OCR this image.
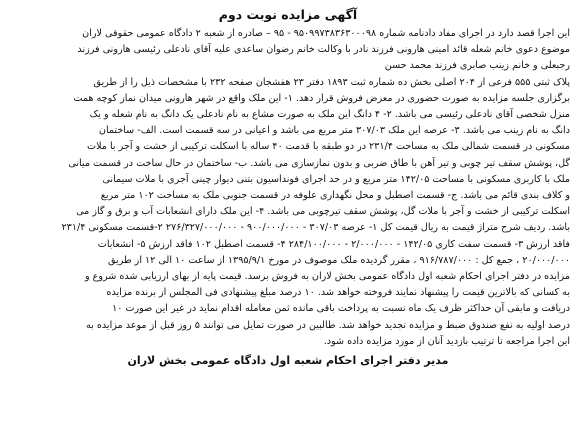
آگهی مزایده نوبت دوم
این اجرا قصد دارد در اجرای مفاد دادنامه شماره ۹۵۰۹۹۷۳۸۳۶۳۰۰۰۹۸ - ۹۵ – صادره از شعبه ۲ دادگاه عمومی حقوقی لاران
موضوع دعوی خانم شعله قائد امینی هارونی فرزند نادر با وکالت خانم رضوان ساعدی علیه آقای نادعلی رئیسی هارونی فرزند
رجبعلی و خانم زینب صابری فرزند محمد حسن
پلاک ثبتی ۵۵۵ فرعی از ۲۰۴ اصلی بخش ده شماره ثبت ۱۸۹۳ دفتر ۲۳ هفشجان صفحه ۲۳۲ با مشخصات ذیل را از طریق
برگزاری جلسه مزایده به صورت حضوری در معرض فروش قرار دهد. ۱- این ملک واقع در شهر هارونی میدان نماز کوچه همت
منزل شخصی آقای نادعلی رئیسی می باشد. ۲- ۴ دانگ این ملک به صورت مشاع به نام نادعلی یک دانگ به نام شعله و یک
دانگ به نام زینب می باشد. ۳- عرصه این ملک ۳۰۷/۰۳ متر مربع می باشد و اعیانی در سه قسمت است. الف- ساختمان
مسکونی در قسمت شمالی ملک به مساحت ۲۳۱/۴ در دو طبقه با قدمت ۴۰ ساله با اسکلت ترکیبی از خشت و آجر با ملات
گل، پوشش سقف تیر چوبی و تیر آهن با طاق ضربی و بدون نمازسازی می باشد. ب- ساختمان در حال ساخت در قسمت میانی
ملک با کاربری مسکونی با مساحت ۱۴۲/۰۵ متر مربع و در حد اجرای فونداسیون بتنی دیوار چینی آجری با ملات سیمانی
و کلاف بندی قائم می باشد. ج- قسمت اصطبل و محل نگهداری علوفه در قسمت جنوبی ملک به مساحت ۱۰۲ متر مربع
اسکلت ترکیبی از خشت و آجر با ملات گل، پوشش سقف تیرچوبی می باشد. ۴- این ملک دارای انشعابات آب و برق و گاز می
باشد. ردیف شرح متراژ قیمت به ریال قیمت کل ۱- عرصه ۳۰۷/۰۳ - ۹۰۰/۰۰۰/۰۰۰ - ۲۷۶/۳۲۷/۰۰۰/۰۰۰ ۲-قسمت مسکونی ۲۳۱/۴
فاقد ارزش ۳- قسمت سفت کاری ۱۴۲/۰۵ - ۲/۰۰۰/۰۰۰ - ۲۸۴/۱۰۰/۰۰۰ ۴- قسمت اصطبل ۱۰۲ فاقد ارزش ۵- انشعابات
۲۰/۰۰۰/۰۰۰ ، جمع کل : ۹۱۶/۷۸۷/۰۰۰ ، مقرر گردیده ملک موصوف در مورخ ۱۳۹۵/۹/۱ از ساعت ۱۰ الی ۱۲ از طریق
مزایده در دفتر اجرای احکام شعبه اول دادگاه عمومی بخش لاران به فروش برسد. قیمت پایه از بهای ارزیابی شده شروع و
به کسانی که بالاترین قیمت را پیشنهاد نمایند فروخته خواهد شد. ۱۰ درصد مبلغ پیشنهادی فی المجلس از برنده مزایده
دریافت و مابقی آن حداکثر ظرف یک ماه نسبت به پرداخت باقی مانده ثمن معامله اقدام نماید در غیر این صورت ۱۰
درصد اولیه به نفع صندوق ضبط و مزایده تجدید خواهد شد. طالبین در صورت تمایل می توانند ۵ روز قبل از موعد مزایده به
این اجرا مراجعه تا ترتیب بازدید آنان از مورد مزایده داده شود.
مدیر دفتر اجرای احکام شعبه اول دادگاه عمومی بخش لاران
